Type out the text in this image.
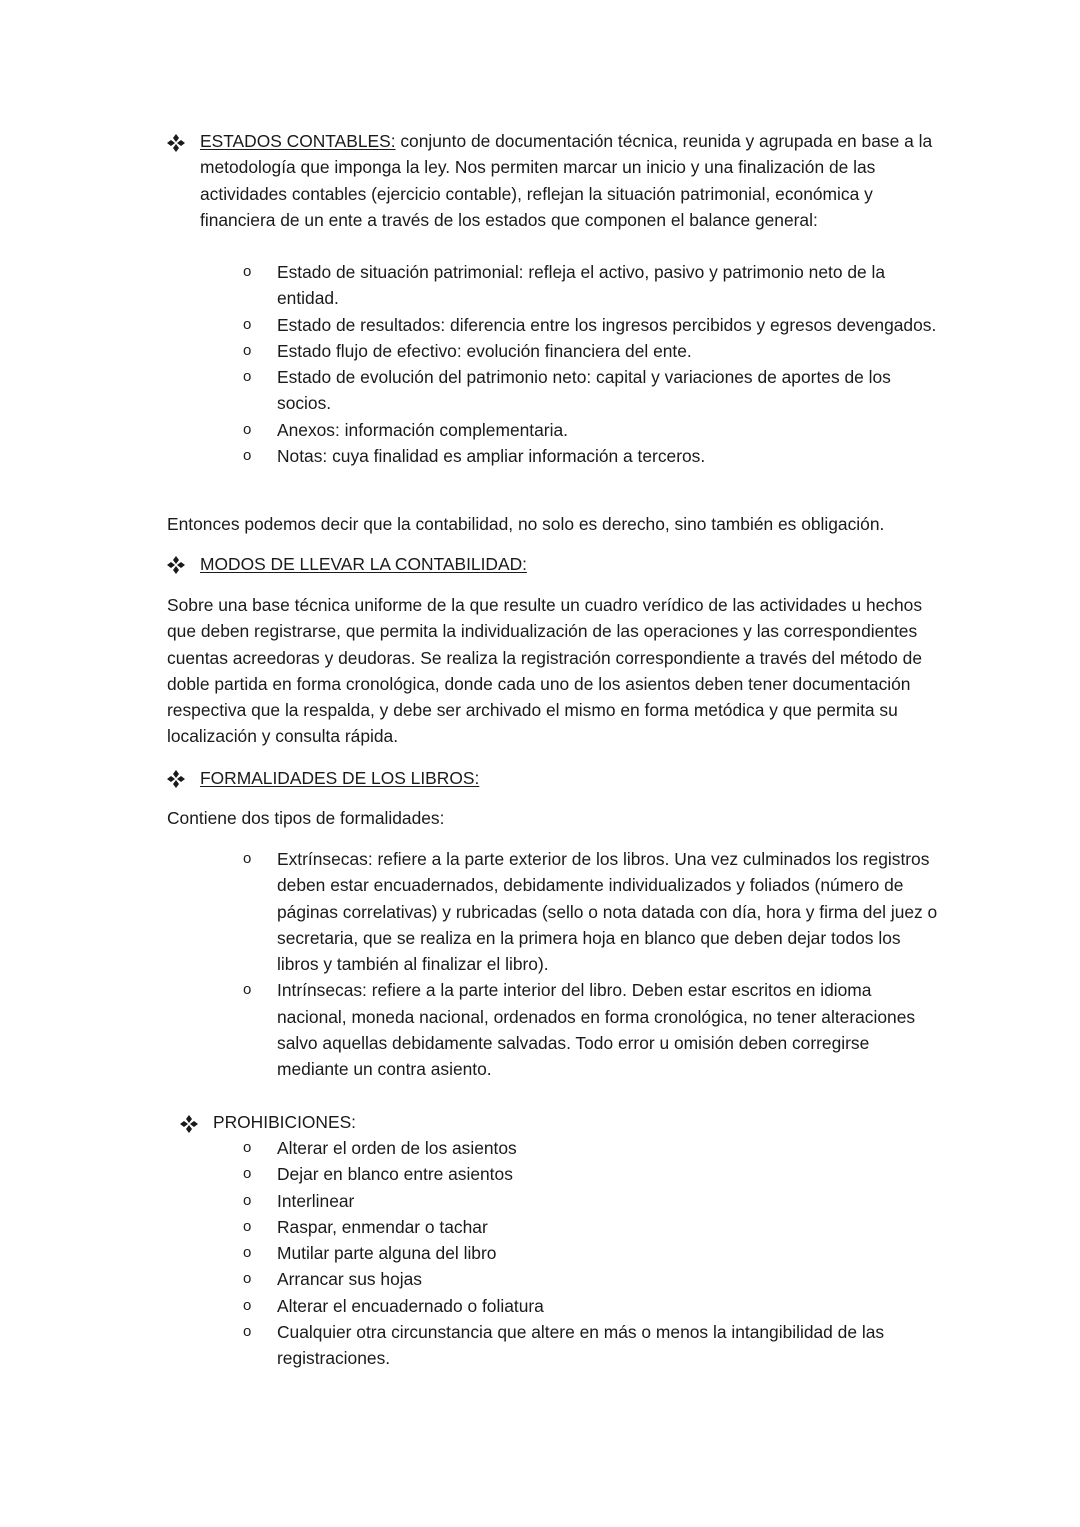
ESTADOS CONTABLES: conjunto de documentación técnica, reunida y agrupada en base a la metodología que imponga la ley. Nos permiten marcar un inicio y una finalización de las actividades contables (ejercicio contable), reflejan la situación patrimonial, económica y financiera de un ente a través de los estados que componen el balance general:

o Estado de situación patrimonial: refleja el activo, pasivo y patrimonio neto de la entidad.
o Estado de resultados: diferencia entre los ingresos percibidos y egresos devengados.
o Estado flujo de efectivo: evolución financiera del ente.
o Estado de evolución del patrimonio neto: capital y variaciones de aportes de los socios.
o Anexos: información complementaria.
o Notas: cuya finalidad es ampliar información a terceros.

Entonces podemos decir que la contabilidad, no solo es derecho, sino también es obligación.

MODOS DE LLEVAR LA CONTABILIDAD:

Sobre una base técnica uniforme de la que resulte un cuadro verídico de las actividades u hechos que deben registrarse, que permita la individualización de las operaciones y las correspondientes cuentas acreedoras y deudoras. Se realiza la registración correspondiente a través del método de doble partida en forma cronológica, donde cada uno de los asientos deben tener documentación respectiva que la respalda, y debe ser archivado el mismo en forma metódica y que permita su localización y consulta rápida.

FORMALIDADES DE LOS LIBROS:

Contiene dos tipos de formalidades:

o Extrínsecas: refiere a la parte exterior de los libros. Una vez culminados los registros deben estar encuadernados, debidamente individualizados y foliados (número de páginas correlativas) y rubricadas (sello o nota datada con día, hora y firma del juez o secretaria, que se realiza en la primera hoja en blanco que deben dejar todos los libros y también al finalizar el libro).
o Intrínsecas: refiere a la parte interior del libro. Deben estar escritos en idioma nacional, moneda nacional, ordenados en forma cronológica, no tener alteraciones salvo aquellas debidamente salvadas. Todo error u omisión deben corregirse mediante un contra asiento.

PROHIBICIONES:

o Alterar el orden de los asientos
o Dejar en blanco entre asientos
o Interlinear
o Raspar, enmendar o tachar
o Mutilar parte alguna del libro
o Arrancar sus hojas
o Alterar el encuadernado o foliatura
o Cualquier otra circunstancia que altere en más o menos la intangibilidad de las registraciones.
